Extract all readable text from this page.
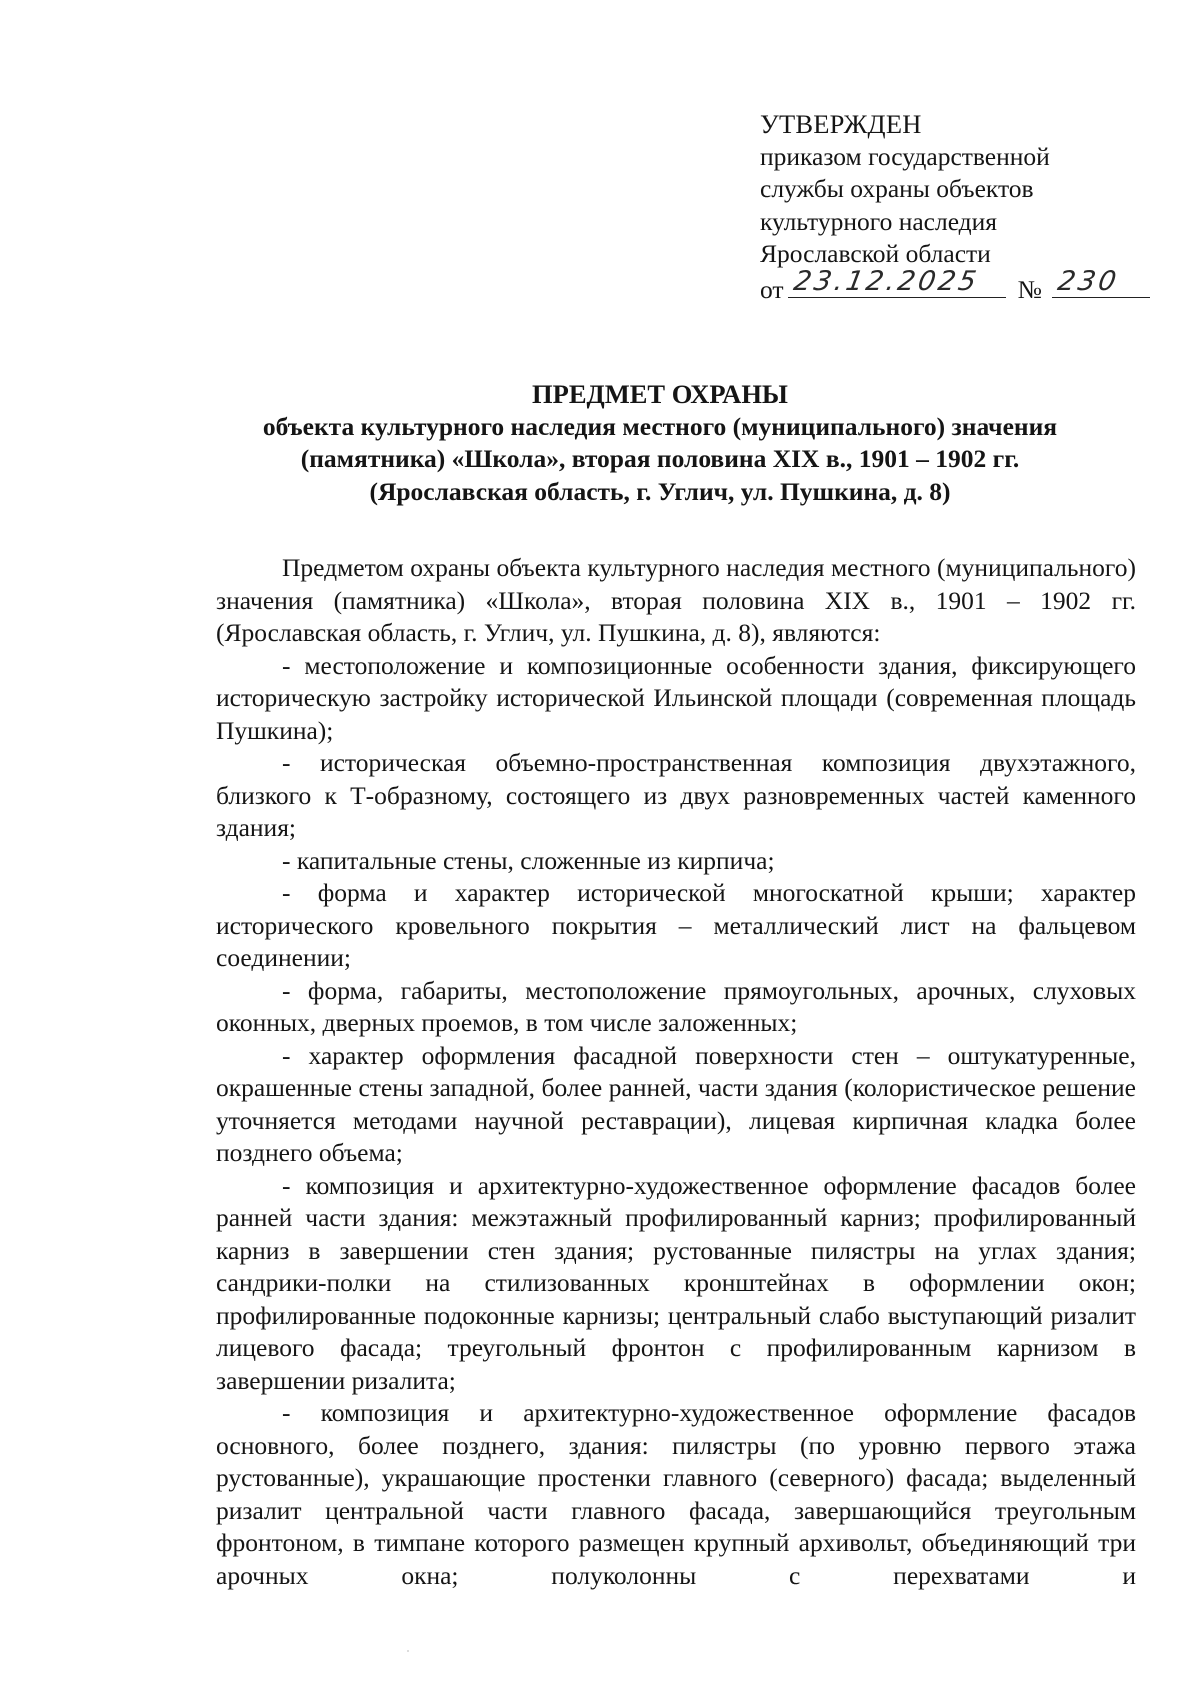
УТВЕРЖДЕН
приказом государственной
службы охраны объектов
культурного наследия
Ярославской области
от 23.12.2025 № 230
ПРЕДМЕТ ОХРАНЫ
объекта культурного наследия местного (муниципального) значения
(памятника) «Школа», вторая половина XIX в., 1901 – 1902 гг.
(Ярославская область, г. Углич, ул. Пушкина, д. 8)

Предметом охраны объекта культурного наследия местного (муниципального) значения (памятника) «Школа», вторая половина XIX в., 1901 – 1902 гг. (Ярославская область, г. Углич, ул. Пушкина, д. 8), являются:

- местоположение и композиционные особенности здания, фиксирующего историческую застройку исторической Ильинской площади (современная площадь Пушкина);

- историческая объемно-пространственная композиция двухэтажного, близкого к Т-образному, состоящего из двух разновременных частей каменного здания;

- капитальные стены, сложенные из кирпича;

- форма и характер исторической многоскатной крыши; характер исторического кровельного покрытия – металлический лист на фальцевом соединении;

- форма, габариты, местоположение прямоугольных, арочных, слуховых оконных, дверных проемов, в том числе заложенных;

- характер оформления фасадной поверхности стен – оштукатуренные, окрашенные стены западной, более ранней, части здания (колористическое решение уточняется методами научной реставрации), лицевая кирпичная кладка более позднего объема;

- композиция и архитектурно-художественное оформление фасадов более ранней части здания: межэтажный профилированный карниз; профилированный карниз в завершении стен здания; рустованные пилястры на углах здания; сандрики-полки на стилизованных кронштейнах в оформлении окон; профилированные подоконные карнизы; центральный слабо выступающий ризалит лицевого фасада; треугольный фронтон с профилированным карнизом в завершении ризалита;

- композиция и архитектурно-художественное оформление фасадов основного, более позднего, здания: пилястры (по уровню первого этажа рустованные), украшающие простенки главного (северного) фасада; выделенный ризалит центральной части главного фасада, завершающийся треугольным фронтоном, в тимпане которого размещен крупный архивольт, объединяющий три арочных окна; полуколонны с перехватами и
